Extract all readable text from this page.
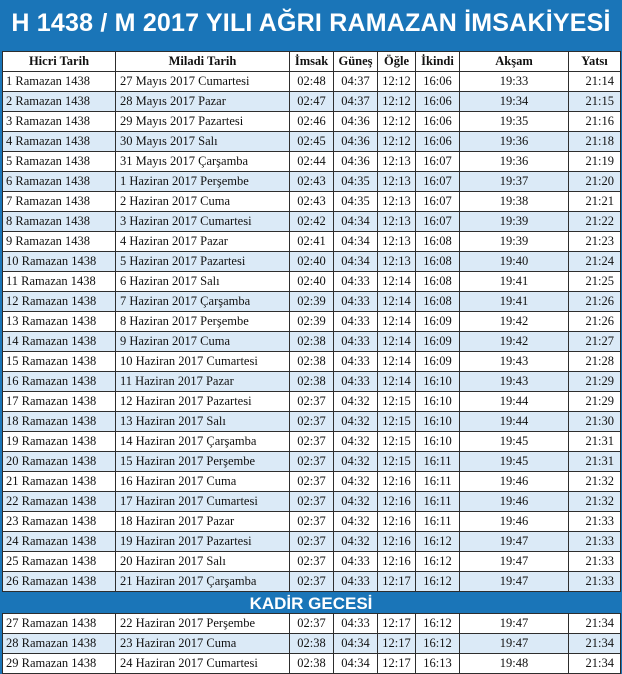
H 1438 / M 2017 YILI AĞRI RAMAZAN İMSAKİYESİ
Hicri Tarih	Miladi Tarih	İmsak	Güneş	Öğle	İkindi	Akşam	Yatsı
1 Ramazan 1438	27 Mayıs 2017 Cumartesi	02:48	04:37	12:12	16:06	19:33	21:14
2 Ramazan 1438	28 Mayıs 2017 Pazar	02:47	04:37	12:12	16:06	19:34	21:15
3 Ramazan 1438	29 Mayıs 2017 Pazartesi	02:46	04:36	12:12	16:06	19:35	21:16
4 Ramazan 1438	30 Mayıs 2017 Salı	02:45	04:36	12:12	16:06	19:36	21:18
5 Ramazan 1438	31 Mayıs 2017 Çarşamba	02:44	04:36	12:13	16:07	19:36	21:19
6 Ramazan 1438	1 Haziran 2017 Perşembe	02:43	04:35	12:13	16:07	19:37	21:20
7 Ramazan 1438	2 Haziran 2017 Cuma	02:43	04:35	12:13	16:07	19:38	21:21
8 Ramazan 1438	3 Haziran 2017 Cumartesi	02:42	04:34	12:13	16:07	19:39	21:22
9 Ramazan 1438	4 Haziran 2017 Pazar	02:41	04:34	12:13	16:08	19:39	21:23
10 Ramazan 1438	5 Haziran 2017 Pazartesi	02:40	04:34	12:13	16:08	19:40	21:24
11 Ramazan 1438	6 Haziran 2017 Salı	02:40	04:33	12:14	16:08	19:41	21:25
12 Ramazan 1438	7 Haziran 2017 Çarşamba	02:39	04:33	12:14	16:08	19:41	21:26
13 Ramazan 1438	8 Haziran 2017 Perşembe	02:39	04:33	12:14	16:09	19:42	21:26
14 Ramazan 1438	9 Haziran 2017 Cuma	02:38	04:33	12:14	16:09	19:42	21:27
15 Ramazan 1438	10 Haziran 2017 Cumartesi	02:38	04:33	12:14	16:09	19:43	21:28
16 Ramazan 1438	11 Haziran 2017 Pazar	02:38	04:33	12:14	16:10	19:43	21:29
17 Ramazan 1438	12 Haziran 2017 Pazartesi	02:37	04:32	12:15	16:10	19:44	21:29
18 Ramazan 1438	13 Haziran 2017 Salı	02:37	04:32	12:15	16:10	19:44	21:30
19 Ramazan 1438	14 Haziran 2017 Çarşamba	02:37	04:32	12:15	16:10	19:45	21:31
20 Ramazan 1438	15 Haziran 2017 Perşembe	02:37	04:32	12:15	16:11	19:45	21:31
21 Ramazan 1438	16 Haziran 2017 Cuma	02:37	04:32	12:16	16:11	19:46	21:32
22 Ramazan 1438	17 Haziran 2017 Cumartesi	02:37	04:32	12:16	16:11	19:46	21:32
23 Ramazan 1438	18 Haziran 2017 Pazar	02:37	04:32	12:16	16:11	19:46	21:33
24 Ramazan 1438	19 Haziran 2017 Pazartesi	02:37	04:32	12:16	16:12	19:47	21:33
25 Ramazan 1438	20 Haziran 2017 Salı	02:37	04:33	12:16	16:12	19:47	21:33
26 Ramazan 1438	21 Haziran 2017 Çarşamba	02:37	04:33	12:17	16:12	19:47	21:33
KADİR GECESİ
27 Ramazan 1438	22 Haziran 2017 Perşembe	02:37	04:33	12:17	16:12	19:47	21:34
28 Ramazan 1438	23 Haziran 2017 Cuma	02:38	04:34	12:17	16:12	19:47	21:34
29 Ramazan 1438	24 Haziran 2017 Cumartesi	02:38	04:34	12:17	16:13	19:48	21:34
